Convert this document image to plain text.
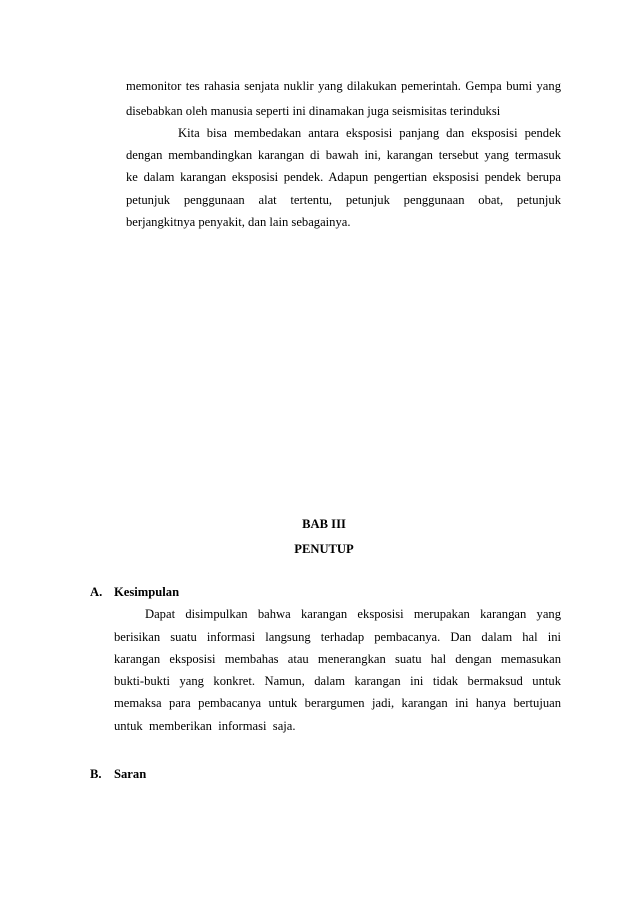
memonitor tes rahasia senjata nuklir yang dilakukan pemerintah. Gempa bumi yang
disebabkan oleh manusia seperti ini dinamakan juga seismisitas terinduksi
Kita bisa membedakan antara eksposisi panjang dan eksposisi pendek
dengan membandingkan karangan di bawah ini, karangan tersebut yang termasuk
ke dalam karangan eksposisi pendek. Adapun pengertian eksposisi pendek berupa
petunjuk penggunaan alat tertentu, petunjuk penggunaan obat, petunjuk
berjangkitnya penyakit, dan lain sebagainya.
BAB III
PENUTUP
A. Kesimpulan
Dapat disimpulkan bahwa karangan eksposisi merupakan karangan yang
berisikan suatu informasi langsung terhadap pembacanya. Dan dalam hal ini
karangan eksposisi membahas atau menerangkan suatu hal dengan memasukan
bukti-bukti yang konkret. Namun, dalam karangan ini tidak bermaksud untuk
memaksa para pembacanya untuk berargumen jadi, karangan ini hanya bertujuan
untuk  memberikan  informasi  saja.
B. Saran
